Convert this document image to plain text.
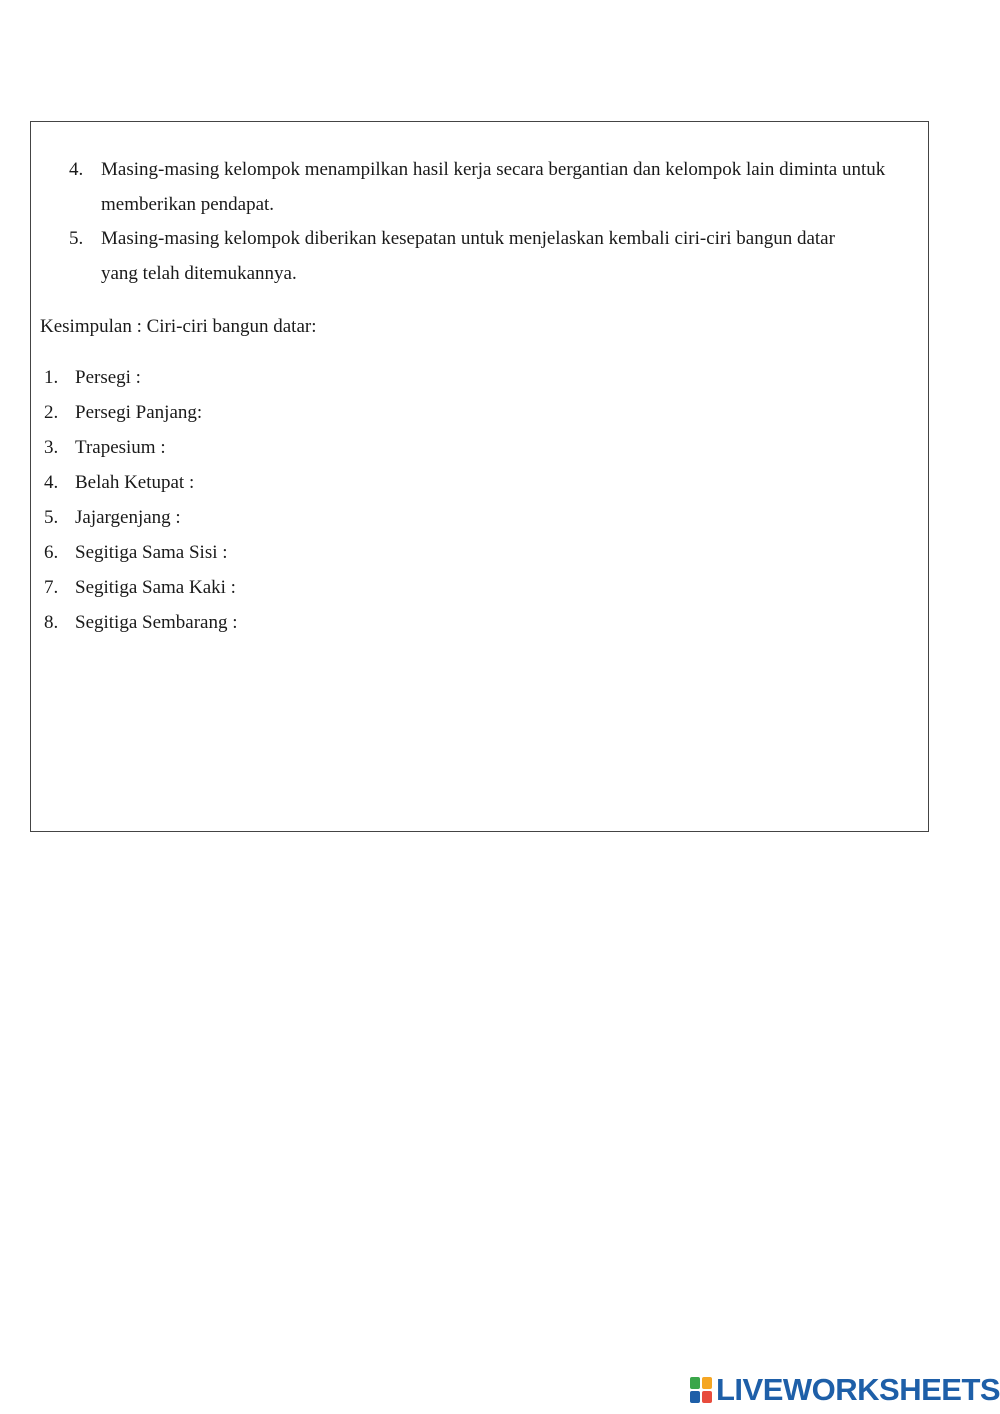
4. Masing-masing kelompok menampilkan hasil kerja secara bergantian dan kelompok lain diminta untuk
memberikan pendapat.
5. Masing-masing kelompok diberikan kesepatan untuk menjelaskan kembali ciri-ciri bangun datar
yang telah ditemukannya.
Kesimpulan : Ciri-ciri bangun datar:
1. Persegi :
2. Persegi Panjang:
3. Trapesium :
4. Belah Ketupat :
5. Jajargenjang :
6. Segitiga Sama Sisi :
7. Segitiga Sama Kaki :
8. Segitiga Sembarang :
LIVEWORKSHEETS
